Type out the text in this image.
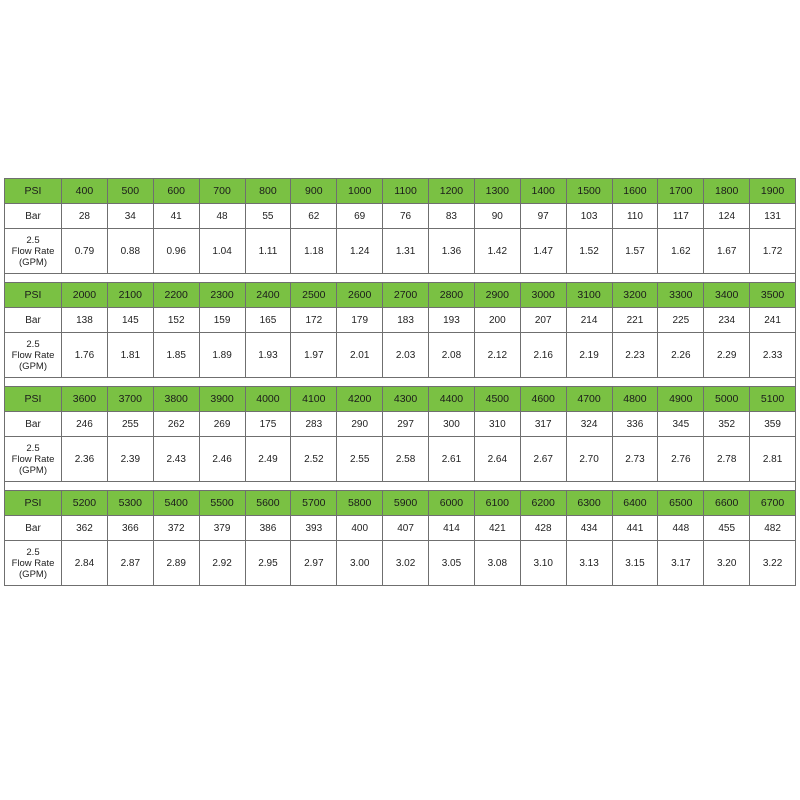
PSI	400	500	600	700	800	900	1000	1100	1200	1300	1400	1500	1600	1700	1800	1900
Bar	28	34	41	48	55	62	69	76	83	90	97	103	110	117	124	131
2.5
Flow Rate
(GPM)	0.79	0.88	0.96	1.04	1.11	1.18	1.24	1.31	1.36	1.42	1.47	1.52	1.57	1.62	1.67	1.72
PSI	2000	2100	2200	2300	2400	2500	2600	2700	2800	2900	3000	3100	3200	3300	3400	3500
Bar	138	145	152	159	165	172	179	183	193	200	207	214	221	225	234	241
2.5
Flow Rate
(GPM)	1.76	1.81	1.85	1.89	1.93	1.97	2.01	2.03	2.08	2.12	2.16	2.19	2.23	2.26	2.29	2.33
PSI	3600	3700	3800	3900	4000	4100	4200	4300	4400	4500	4600	4700	4800	4900	5000	5100
Bar	246	255	262	269	175	283	290	297	300	310	317	324	336	345	352	359
2.5
Flow Rate
(GPM)	2.36	2.39	2.43	2.46	2.49	2.52	2.55	2.58	2.61	2.64	2.67	2.70	2.73	2.76	2.78	2.81
PSI	5200	5300	5400	5500	5600	5700	5800	5900	6000	6100	6200	6300	6400	6500	6600	6700
Bar	362	366	372	379	386	393	400	407	414	421	428	434	441	448	455	482
2.5
Flow Rate
(GPM)	2.84	2.87	2.89	2.92	2.95	2.97	3.00	3.02	3.05	3.08	3.10	3.13	3.15	3.17	3.20	3.22
